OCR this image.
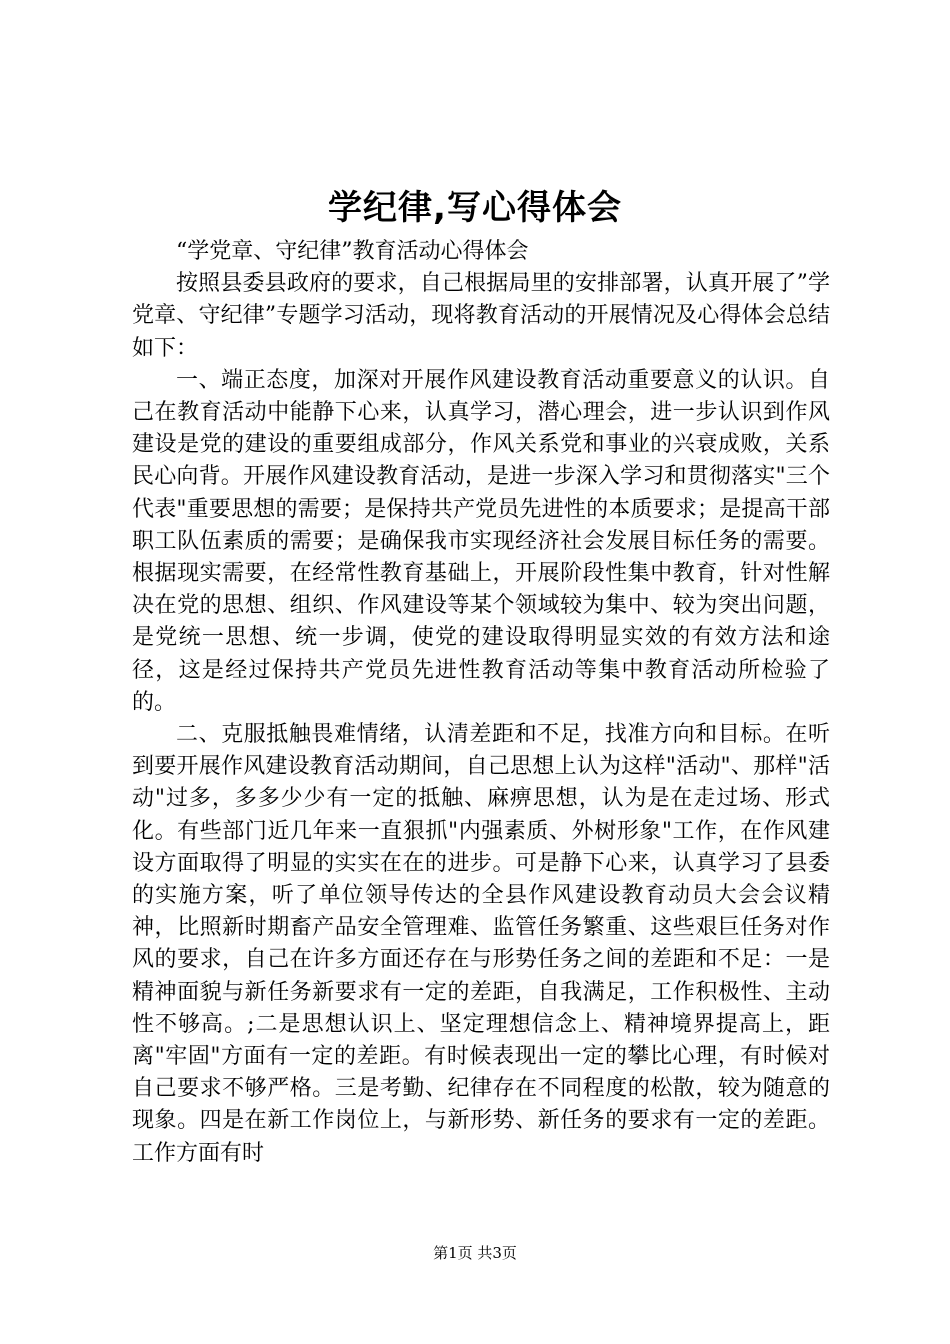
学纪律,写心得体会

“学党章、守纪律”教育活动心得体会

按照县委县政府的要求，自己根据局里的安排部署，认真开展了”学党章、守纪律”专题学习活动，现将教育活动的开展情况及心得体会总结如下：

一、端正态度，加深对开展作风建设教育活动重要意义的认识。自己在教育活动中能静下心来，认真学习，潜心理会，进一步认识到作风建设是党的建设的重要组成部分，作风关系党和事业的兴衰成败，关系民心向背。开展作风建设教育活动，是进一步深入学习和贯彻落实"三个代表"重要思想的需要；是保持共产党员先进性的本质要求；是提高干部职工队伍素质的需要；是确保我市实现经济社会发展目标任务的需要。根据现实需要，在经常性教育基础上，开展阶段性集中教育，针对性解决在党的思想、组织、作风建设等某个领域较为集中、较为突出问题，是党统一思想、统一步调，使党的建设取得明显实效的有效方法和途径，这是经过保持共产党员先进性教育活动等集中教育活动所检验了的。

二、克服抵触畏难情绪，认清差距和不足，找准方向和目标。在听到要开展作风建设教育活动期间，自己思想上认为这样"活动"、那样"活动"过多，多多少少有一定的抵触、麻痹思想，认为是在走过场、形式化。有些部门近几年来一直狠抓"内强素质、外树形象"工作，在作风建设方面取得了明显的实实在在的进步。可是静下心来，认真学习了县委的实施方案，听了单位领导传达的全县作风建设教育动员大会会议精神，比照新时期畜产品安全管理难、监管任务繁重、这些艰巨任务对作风的要求，自己在许多方面还存在与形势任务之间的差距和不足：一是精神面貌与新任务新要求有一定的差距，自我满足，工作积极性、主动性不够高。;二是思想认识上、坚定理想信念上、精神境界提高上，距离"牢固"方面有一定的差距。有时候表现出一定的攀比心理，有时候对自己要求不够严格。三是考勤、纪律存在不同程度的松散，较为随意的现象。四是在新工作岗位上，与新形势、新任务的要求有一定的差距。工作方面有时

第1页 共3页
